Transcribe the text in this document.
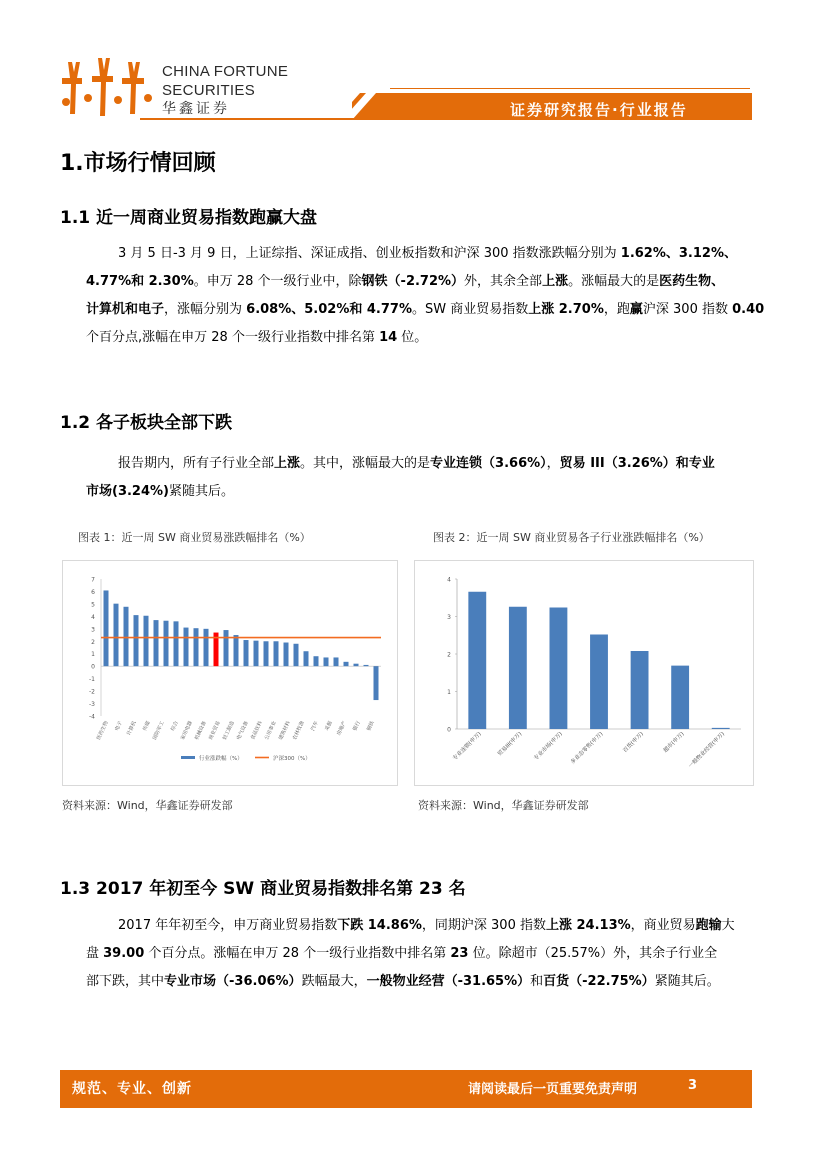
CHINA FORTUNE
SECURITIES
华鑫证券	证券研究报告·行业报告
1.市场行情回顾
1.1 近一周商业贸易指数跑赢大盘
3 月 5 日-3 月 9 日，上证综指、深证成指、创业板指数和沪深 300 指数涨跌幅分别为 1.62%、3.12%、
4.77%和 2.30%。申万 28 个一级行业中，除钢铁（-2.72%）外，其余全部上涨。涨幅最大的是医药生物、
计算机和电子，涨幅分别为 6.08%、5.02%和 4.77%。SW 商业贸易指数上涨 2.70%，跑赢沪深 300 指数 0.40
个百分点,涨幅在申万 28 个一级行业指数中排名第 14 位。
1.2 各子板块全部下跌
报告期内，所有子行业全部上涨。其中，涨幅最大的是专业连锁（3.66%），贸易 III（3.26%）和专业
市场(3.24%)紧随其后。
图表 1：近一周 SW 商业贸易涨跌幅排名（%）	图表 2：近一周 SW 商业贸易各子行业涨跌幅排名（%）
-4
-3
-2
-1
0
1
2
3
4
5
6
7
医药生物 电子 计算机 传媒 国防军工 综合 家用电器 机械设备 商业贸易 轻工制造 电气设备 食品饮料 公用事业 建筑材料 农林牧渔 汽车 采掘 房地产 银行 钢铁
行业涨跌幅（%）	沪深300（%）
0
1
2
3
4
专业连锁(申万)	贸易III(申万) 专业市场(申万) 多业态零售(申万)	百货(申万)	超市(申万) 一般物业经营(申万)
资料来源：Wind，华鑫证券研发部	资料来源：Wind，华鑫证券研发部
1.3 2017 年初至今 SW 商业贸易指数排名第 23 名
2017 年年初至今，申万商业贸易指数下跌 14.86%，同期沪深 300 指数上涨 24.13%，商业贸易跑输大
盘 39.00 个百分点。涨幅在申万 28 个一级行业指数中排名第 23 位。除超市（25.57%）外，其余子行业全
部下跌，其中专业市场（-36.06%）跌幅最大，一般物业经营（-31.65%）和百货（-22.75%）紧随其后。
规范、专业、创新	请阅读最后一页重要免责声明	3
